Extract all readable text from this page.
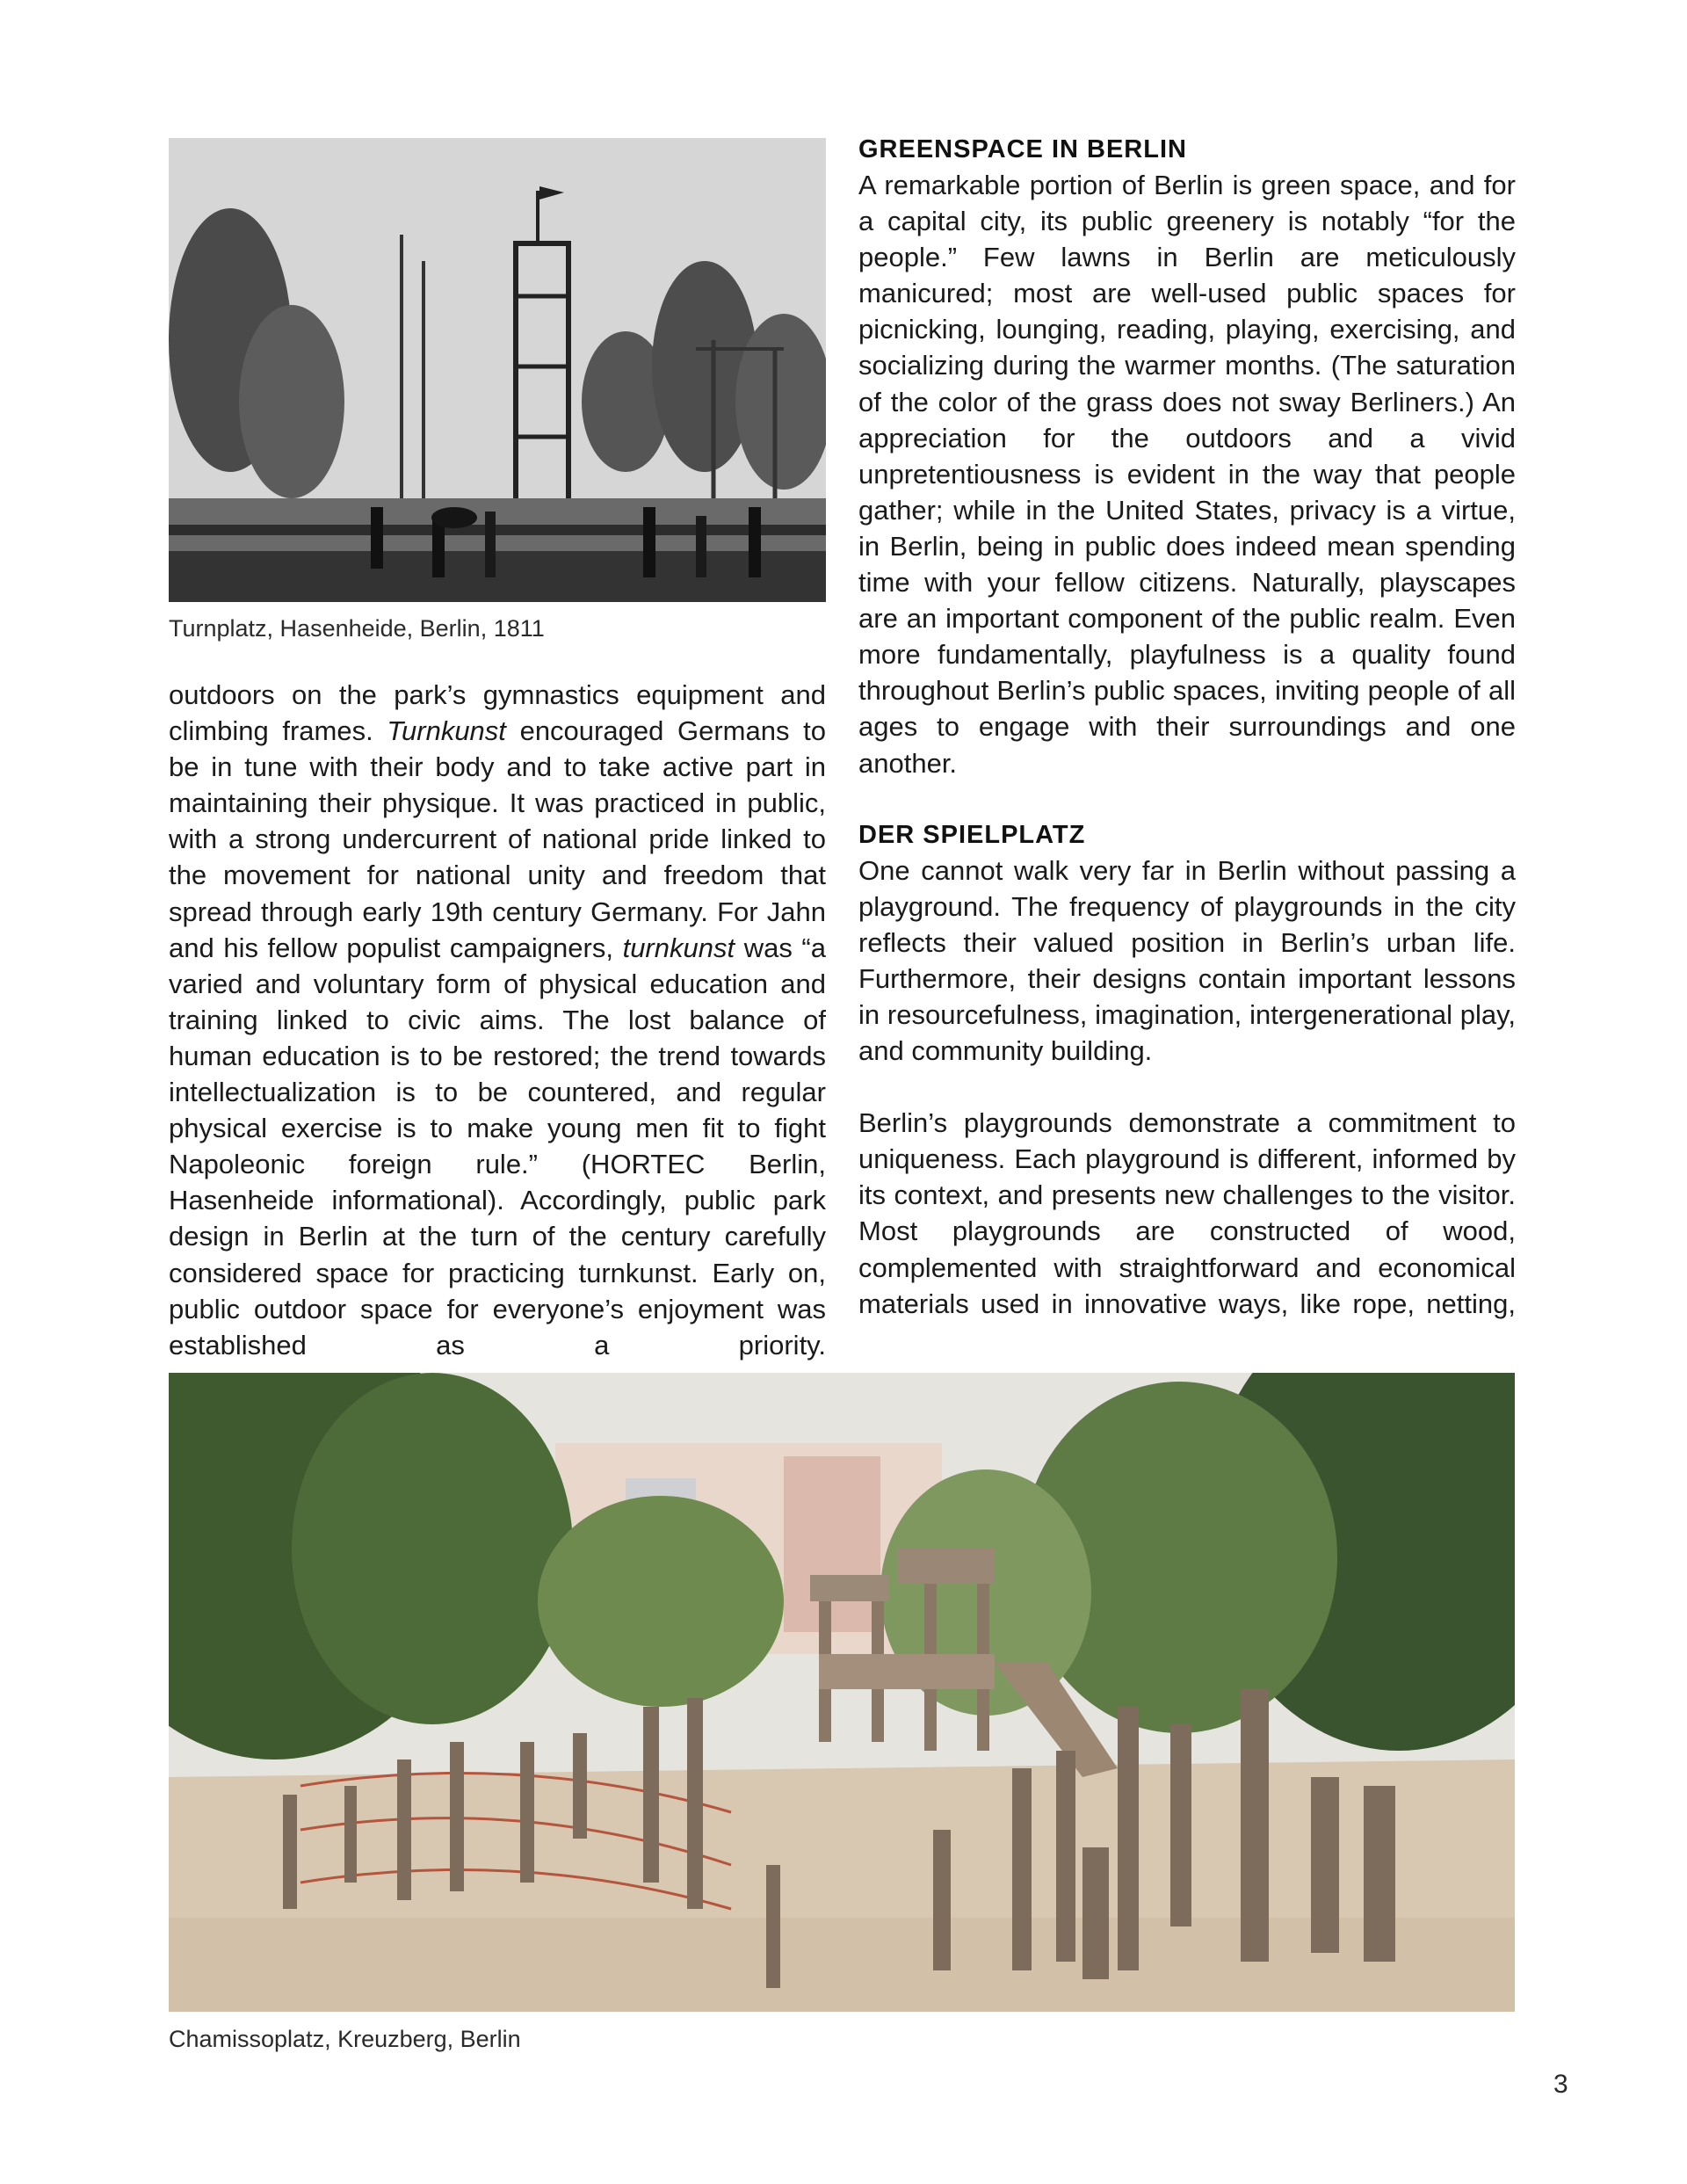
Turnplatz, Hasenheide, Berlin, 1811

outdoors on the park’s gymnastics equipment and climbing frames. Turnkunst encouraged Germans to be in tune with their body and to take active part in maintaining their physique. It was practiced in public, with a strong undercurrent of national pride linked to the movement for national unity and freedom that spread through early 19th century Germany. For Jahn and his fellow populist campaigners, turnkunst was “a varied and voluntary form of physical education and training linked to civic aims. The lost balance of human education is to be restored; the trend towards intellectualization is to be countered, and regular physical exercise is to make young men fit to fight Napoleonic foreign rule.” (HORTEC Berlin, Hasenheide informational). Accordingly, public park design in Berlin at the turn of the century carefully considered space for practicing turnkunst. Early on, public outdoor space for everyone’s enjoyment was established as a priority.

GREENSPACE IN BERLIN

A remarkable portion of Berlin is green space, and for a capital city, its public greenery is notably “for the people.” Few lawns in Berlin are meticulously manicured; most are well-used public spaces for picnicking, lounging, reading, playing, exercising, and socializing during the warmer months. (The saturation of the color of the grass does not sway Berliners.) An appreciation for the outdoors and a vivid unpretentiousness is evident in the way that people gather; while in the United States, privacy is a virtue, in Berlin, being in public does indeed mean spending time with your fellow citizens. Naturally, playscapes are an important component of the public realm. Even more fundamentally, playfulness is a quality found throughout Berlin’s public spaces, inviting people of all ages to engage with their surroundings and one another.

DER SPIELPLATZ

One cannot walk very far in Berlin without passing a playground. The frequency of playgrounds in the city reflects their valued position in Berlin’s urban life. Furthermore, their designs contain important lessons in resourcefulness, imagination, intergenerational play, and community building.

Berlin’s playgrounds demonstrate a commitment to uniqueness. Each playground is different, informed by its context, and presents new challenges to the visitor. Most playgrounds are constructed of wood, complemented with straightforward and economical materials used in innovative ways, like rope, netting,

Chamissoplatz, Kreuzberg, Berlin
3
